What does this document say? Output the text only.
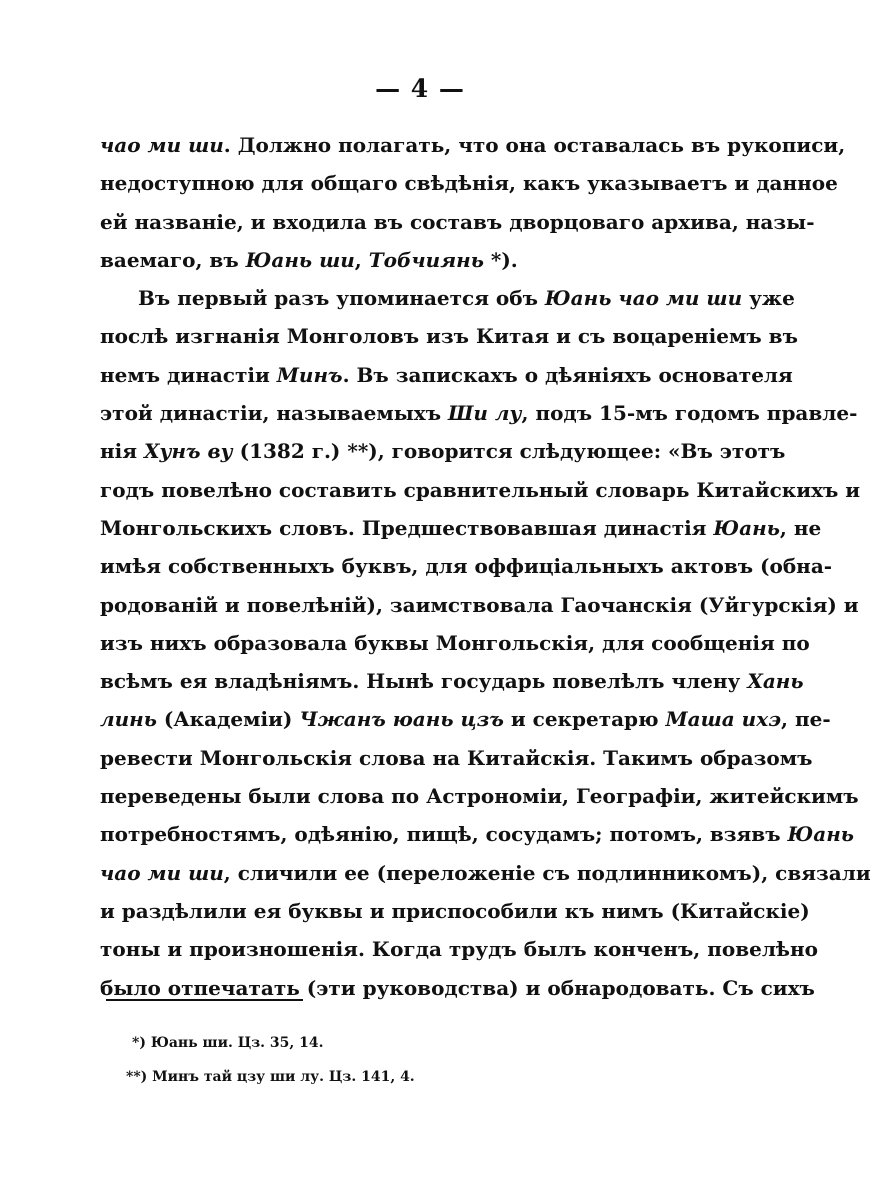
— 4 —
чао ми ши. Должно полагать, что она оставалась въ рукописи,
недоступною для общаго свѣдѣнія, какъ указываетъ и данное
ей названіе, и входила въ составъ дворцоваго архива, назы-
ваемаго, въ Юань ши, Тобчиянь *).
Въ первый разъ упоминается объ Юань чао ми ши уже
послѣ изгнанія Монголовъ изъ Китая и съ воцареніемъ въ
немъ династіи Минъ. Въ запискахъ о дѣяніяхъ основателя
этой династіи, называемыхъ Ши лу, подъ 15-мъ годомъ правле-
нія Хунъ ву (1382 г.) **), говорится слѣдующее: «Въ этотъ
годъ повелѣно составить сравнительный словарь Китайскихъ и
Монгольскихъ словъ. Предшествовавшая династія Юань, не
имѣя собственныхъ буквъ, для оффиціальныхъ актовъ (обна-
родованій и повелѣній), заимствовала Гаочанскія (Уйгурскія) и
изъ нихъ образовала буквы Монгольскія, для сообщенія по
всѣмъ ея владѣніямъ. Нынѣ государь повелѣлъ члену Хань
линь (Академіи) Чжанъ юань цзъ и секретарю Маша ихэ, пе-
ревести Монгольскія слова на Китайскія. Такимъ образомъ
переведены были слова по Астрономіи, Географіи, житейскимъ
потребностямъ, одѣянію, пищѣ, сосудамъ; потомъ, взявъ Юань
чао ми ши, сличили ее (переложеніе съ подлинникомъ), связали
и раздѣлили ея буквы и приспособили къ нимъ (Китайскіе)
тоны и произношенія. Когда трудъ былъ конченъ, повелѣно
было отпечатать (эти руководства) и обнародовать. Съ сихъ
*) Юань ши. Цз. 35, 14.
**) Минъ тай цзу ши лу. Цз. 141, 4.
